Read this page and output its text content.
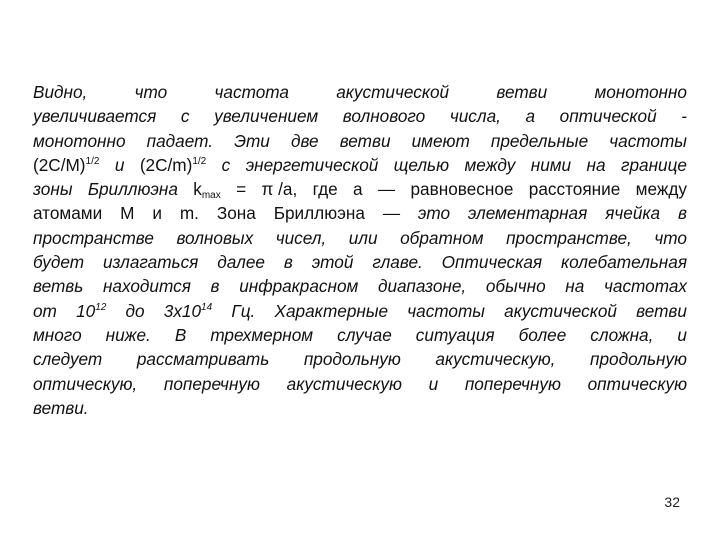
Видно,	что	частота	акустической	ветви	монотонно
увеличивается с увеличением волнового числа, а оптической -
монотонно падает. Эти две ветви имеют предельные частоты
$(2C/M)^{1/2}$ и $(2C/m)^{1/2}$ с энергетической щелью между ними на границе
зоны Бриллюэна $k_{max} = \pi$ /a, где a — равновесное расстояние между
атомами M и m. Зона Бриллюэна — это элементарная ячейка в
пространстве волновых чисел, или обратном пространстве, что
будет излагаться далее в этой главе. Оптическая колебательная
ветвь находится в инфракрасном диапазоне, обычно на частотах
от $10^{12}$ до $3x10^{14}$ Гц. Характерные частоты акустической ветви
много ниже. В трехмерном случае ситуация более сложна, и
следует рассматривать продольную акустическую, продольную
оптическую, поперечную акустическую и поперечную оптическую
ветви.
32
